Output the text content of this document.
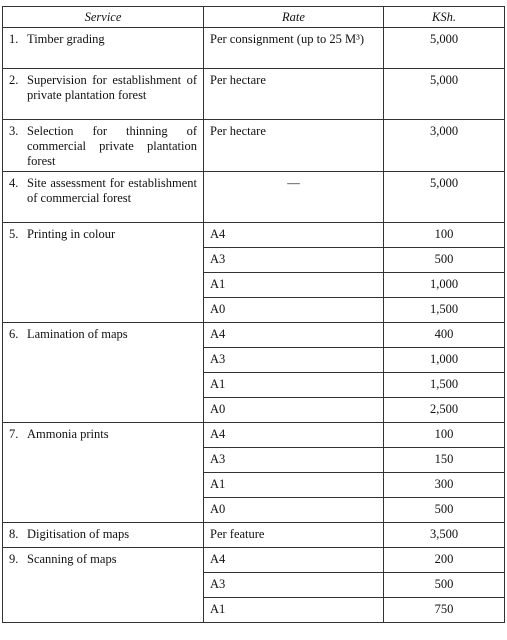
Service	Rate	KSh.

1. Timber grading	Per consignment (up to 25 M³)	5,000

2. Supervision for establishment of private plantation forest	Per hectare	5,000

3. Selection for thinning of commercial private plantation forest	Per hectare	3,000

4. Site assessment for establishment of commercial forest	—	5,000

5. Printing in colour	A4	100
	A3	500
	A1	1,000
	A0	1,500

6. Lamination of maps	A4	400
	A3	1,000
	A1	1,500
	A0	2,500

7. Ammonia prints	A4	100
	A3	150
	A1	300
	A0	500

8. Digitisation of maps	Per feature	3,500

9. Scanning of maps	A4	200
	A3	500
	A1	750
